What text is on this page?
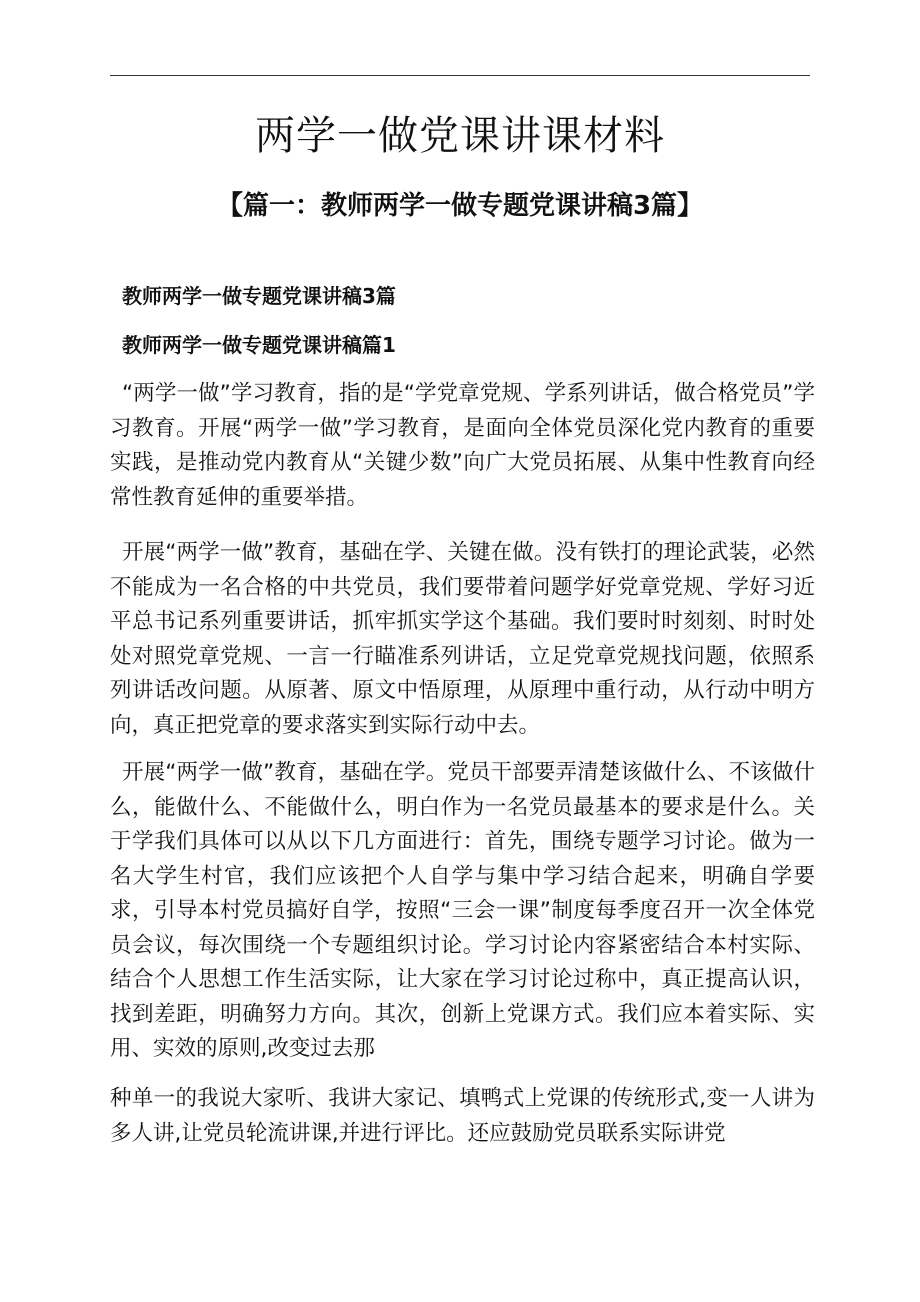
两学一做党课讲课材料
【篇一：教师两学一做专题党课讲稿3篇】

教师两学一做专题党课讲稿3篇

教师两学一做专题党课讲稿篇1

“两学一做”学习教育，指的是“学党章党规、学系列讲话，做合格党员”学习教育。开展“两学一做”学习教育，是面向全体党员深化党内教育的重要实践，是推动党内教育从“关键少数”向广大党员拓展、从集中性教育向经常性教育延伸的重要举措。

开展“两学一做”教育，基础在学、关键在做。没有铁打的理论武装，必然不能成为一名合格的中共党员，我们要带着问题学好党章党规、学好习近平总书记系列重要讲话，抓牢抓实学这个基础。我们要时时刻刻、时时处处对照党章党规、一言一行瞄准系列讲话，立足党章党规找问题，依照系列讲话改问题。从原著、原文中悟原理，从原理中重行动，从行动中明方向，真正把党章的要求落实到实际行动中去。

开展“两学一做”教育，基础在学。党员干部要弄清楚该做什么、不该做什么，能做什么、不能做什么，明白作为一名党员最基本的要求是什么。关于学我们具体可以从以下几方面进行：首先，围绕专题学习讨论。做为一名大学生村官，我们应该把个人自学与集中学习结合起来，明确自学要求，引导本村党员搞好自学，按照“三会一课”制度每季度召开一次全体党员会议，每次围绕一个专题组织讨论。学习讨论内容紧密结合本村实际、结合个人思想工作生活实际，让大家在学习讨论过称中，真正提高认识，找到差距，明确努力方向。其次，创新上党课方式。我们应本着实际、实用、实效的原则,改变过去那

种单一的我说大家听、我讲大家记、填鸭式上党课的传统形式,变一人讲为多人讲,让党员轮流讲课,并进行评比。还应鼓励党员联系实际讲党
